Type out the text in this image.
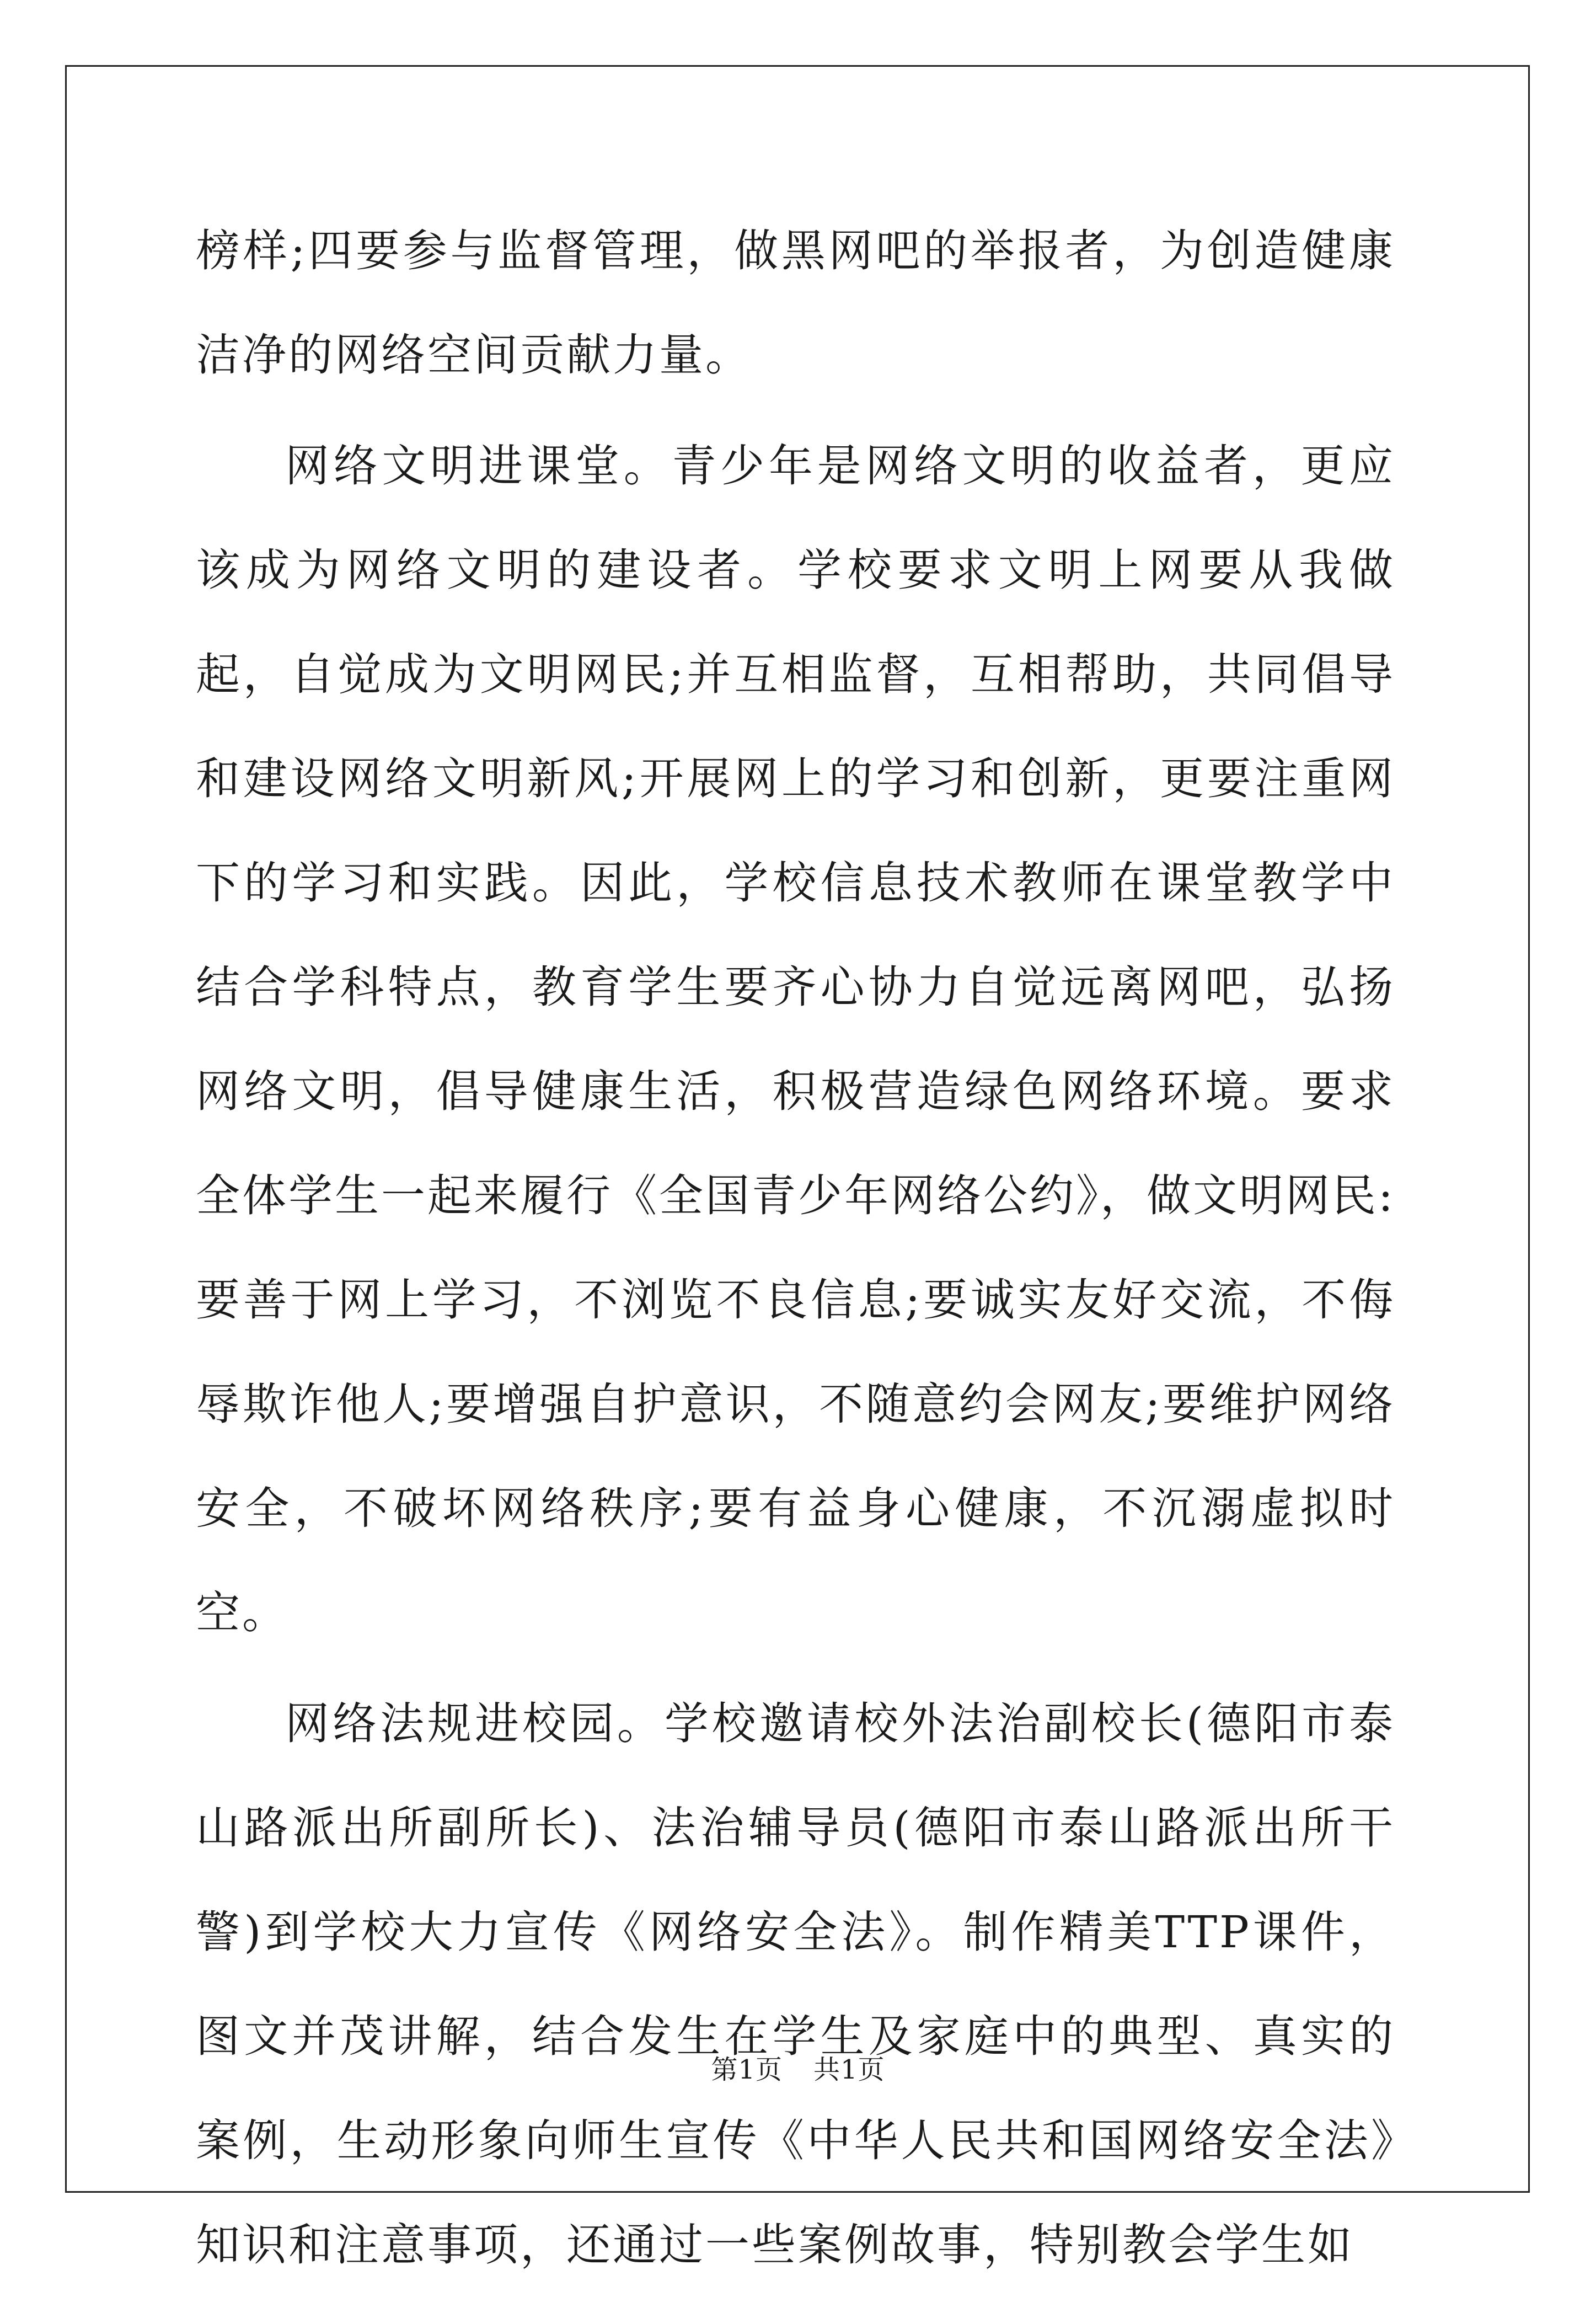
榜样;四要参与监督管理，做黑网吧的举报者，为创造健康洁净的网络空间贡献力量。

网络文明进课堂。青少年是网络文明的收益者，更应该成为网络文明的建设者。学校要求文明上网要从我做起，自觉成为文明网民;并互相监督，互相帮助，共同倡导和建设网络文明新风;开展网上的学习和创新，更要注重网下的学习和实践。因此，学校信息技术教师在课堂教学中结合学科特点，教育学生要齐心协力自觉远离网吧，弘扬网络文明，倡导健康生活，积极营造绿色网络环境。要求全体学生一起来履行《全国青少年网络公约》，做文明网民:要善于网上学习，不浏览不良信息;要诚实友好交流，不侮辱欺诈他人;要增强自护意识，不随意约会网友;要维护网络安全，不破坏网络秩序;要有益身心健康，不沉溺虚拟时空。

网络法规进校园。学校邀请校外法治副校长(德阳市泰山路派出所副所长)、法治辅导员(德阳市泰山路派出所干警)到学校大力宣传《网络安全法》。制作精美TTP课件，图文并茂讲解，结合发生在学生及家庭中的典型、真实的案例，生动形象向师生宣传《中华人民共和国网络安全法》知识和注意事项，还通过一些案例故事，特别教会学生如

第1页 共1页
